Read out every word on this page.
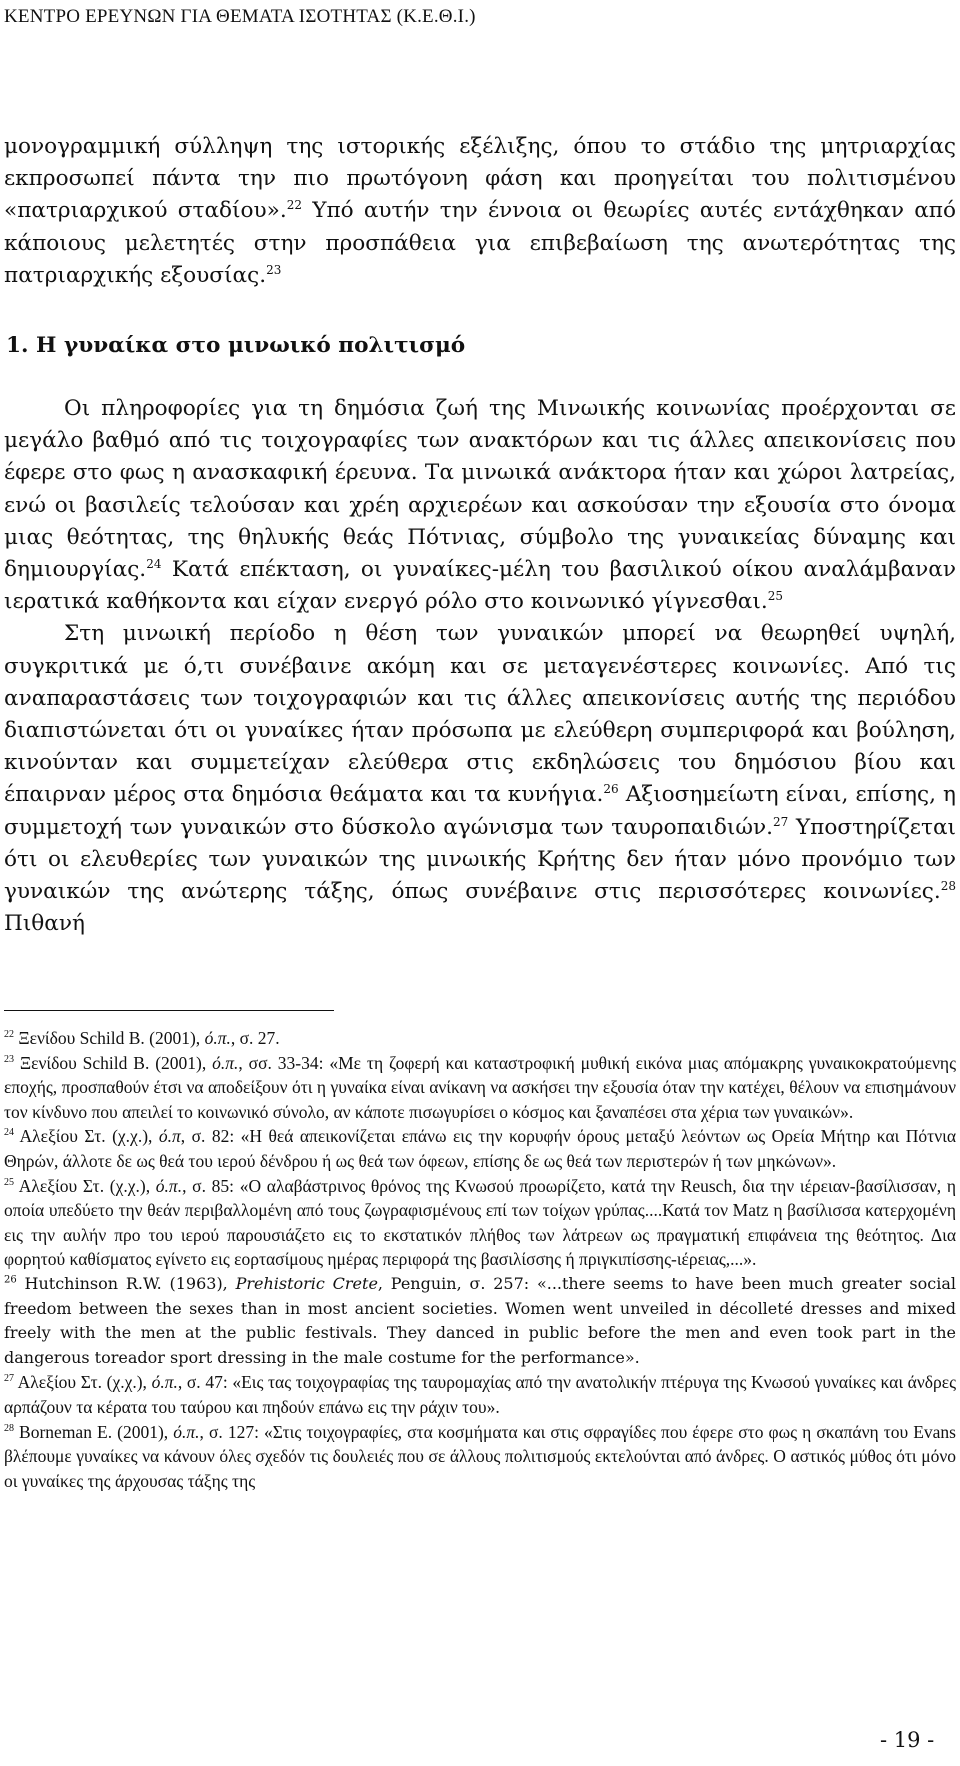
ΚΕΝΤΡΟ ΕΡΕΥΝΩΝ ΓΙΑ ΘΕΜΑΤΑ ΙΣΟΤΗΤΑΣ (Κ.Ε.Θ.Ι.)
μονογραμμική σύλληψη της ιστορικής εξέλιξης, όπου το στάδιο της μητριαρχίας εκπροσωπεί πάντα την πιο πρωτόγονη φάση και προηγείται του πολιτισμένου «πατριαρχικού σταδίου».$^{22}$ Υπό αυτήν την έννοια οι θεωρίες αυτές εντάχθηκαν από κάποιους μελετητές στην προσπάθεια για επιβεβαίωση της ανωτερότητας της πατριαρχικής εξουσίας.$^{23}$
1. Η γυναίκα στο μινωικό πολιτισμό

Οι πληροφορίες για τη δημόσια ζωή της Μινωικής κοινωνίας προέρχονται σε μεγάλο βαθμό από τις τοιχογραφίες των ανακτόρων και τις άλλες απεικονίσεις που έφερε στο φως η ανασκαφική έρευνα. Τα μινωικά ανάκτορα ήταν και χώροι λατρείας, ενώ οι βασιλείς τελούσαν και χρέη αρχιερέων και ασκούσαν την εξουσία στο όνομα μιας θεότητας, της θηλυκής θεάς Πότνιας, σύμβολο της γυναικείας δύναμης και δημιουργίας.$^{24}$ Κατά επέκταση, οι γυναίκες-μέλη του βασιλικού οίκου αναλάμβαναν ιερατικά καθήκοντα και είχαν ενεργό ρόλο στο κοινωνικό γίγνεσθαι.$^{25}$

Στη μινωική περίοδο η θέση των γυναικών μπορεί να θεωρηθεί υψηλή, συγκριτικά με ό,τι συνέβαινε ακόμη και σε μεταγενέστερες κοινωνίες. Από τις αναπαραστάσεις των τοιχογραφιών και τις άλλες απεικονίσεις αυτής της περιόδου διαπιστώνεται ότι οι γυναίκες ήταν πρόσωπα με ελεύθερη συμπεριφορά και βούληση, κινούνταν και συμμετείχαν ελεύθερα στις εκδηλώσεις του δημόσιου βίου και έπαιρναν μέρος στα δημόσια θεάματα και τα κυνήγια.$^{26}$ Αξιοσημείωτη είναι, επίσης, η συμμετοχή των γυναικών στο δύσκολο αγώνισμα των ταυροπαιδιών.$^{27}$ Υποστηρίζεται ότι οι ελευθερίες των γυναικών της μινωικής Κρήτης δεν ήταν μόνο προνόμιο των γυναικών της ανώτερης τάξης, όπως συνέβαινε στις περισσότερες κοινωνίες.$^{28}$ Πιθανή

$^{22}$ Ξενίδου Schild B. (2001), ό.π., σ. 27.

$^{23}$ Ξενίδου Schild B. (2001), ό.π., σσ. 33-34: «Με τη ζοφερή και καταστροφική μυθική εικόνα μιας απόμακρης γυναικοκρατούμενης εποχής, προσπαθούν έτσι να αποδείξουν ότι η γυναίκα είναι ανίκανη να ασκήσει την εξουσία όταν την κατέχει, θέλουν να επισημάνουν τον κίνδυνο που απειλεί το κοινωνικό σύνολο, αν κάποτε πισωγυρίσει ο κόσμος και ξαναπέσει στα χέρια των γυναικών».

$^{24}$ Αλεξίου Στ. (χ.χ.), ό.π, σ. 82: «Η θεά απεικονίζεται επάνω εις την κορυφήν όρους μεταξύ λεόντων ως Ορεία Μήτηρ και Πότνια Θηρών, άλλοτε δε ως θεά του ιερού δένδρου ή ως θεά των όφεων, επίσης δε ως θεά των περιστερών ή των μηκώνων».

$^{25}$ Αλεξίου Στ. (χ.χ.), ό.π., σ. 85: «Ο αλαβάστρινος θρόνος της Κνωσού προωρίζετο, κατά την Reusch, δια την ιέρειαν-βασίλισσαν, η οποία υπεδύετο την θεάν περιβαλλομένη από τους ζωγραφισμένους επί των τοίχων γρύπας....Κατά τον Matz η βασίλισσα κατερχομένη εις την αυλήν προ του ιερού παρουσιάζετο εις το εκστατικόν πλήθος των λάτρεων ως πραγματική επιφάνεια της θεότητος. Δια φορητού καθίσματος εγίνετο εις εορτασίμους ημέρας περιφορά της βασιλίσσης ή πριγκιπίσσης-ιέρειας,...».

$^{26}$ Hutchinson R.W. (1963), Prehistoric Crete, Penguin, σ. 257: «...there seems to have been much greater social freedom between the sexes than in most ancient societies. Women went unveiled in décolleté dresses and mixed freely with the men at the public festivals. They danced in public before the men and even took part in the dangerous toreador sport dressing in the male costume for the performance».

$^{27}$ Αλεξίου Στ. (χ.χ.), ό.π., σ. 47: «Εις τας τοιχογραφίας της ταυρομαχίας από την ανατολικήν πτέρυγα της Κνωσού γυναίκες και άνδρες αρπάζουν τα κέρατα του ταύρου και πηδούν επάνω εις την ράχιν του».

$^{28}$ Borneman E. (2001), ό.π., σ. 127: «Στις τοιχογραφίες, στα κοσμήματα και στις σφραγίδες που έφερε στο φως η σκαπάνη του Evans βλέπουμε γυναίκες να κάνουν όλες σχεδόν τις δουλειές που σε άλλους πολιτισμούς εκτελούνται από άνδρες. Ο αστικός μύθος ότι μόνο οι γυναίκες της άρχουσας τάξης της

- 19 -
